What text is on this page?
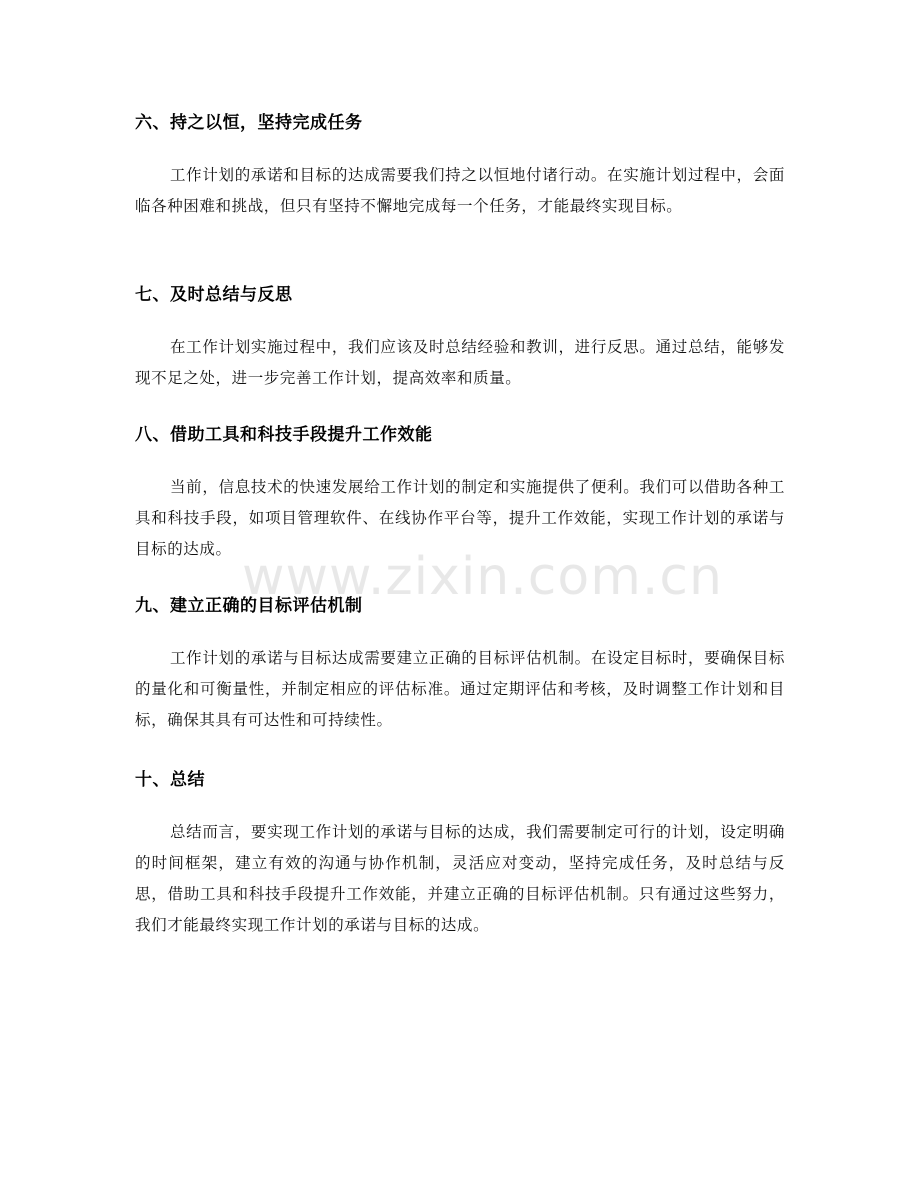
www.zixin.com.cn
六、持之以恒，坚持完成任务

工作计划的承诺和目标的达成需要我们持之以恒地付诸行动。在实施计划过程中，会面临各种困难和挑战，但只有坚持不懈地完成每一个任务，才能最终实现目标。

七、及时总结与反思

在工作计划实施过程中，我们应该及时总结经验和教训，进行反思。通过总结，能够发现不足之处，进一步完善工作计划，提高效率和质量。

八、借助工具和科技手段提升工作效能

当前，信息技术的快速发展给工作计划的制定和实施提供了便利。我们可以借助各种工具和科技手段，如项目管理软件、在线协作平台等，提升工作效能，实现工作计划的承诺与目标的达成。

九、建立正确的目标评估机制

工作计划的承诺与目标达成需要建立正确的目标评估机制。在设定目标时，要确保目标的量化和可衡量性，并制定相应的评估标准。通过定期评估和考核，及时调整工作计划和目标，确保其具有可达性和可持续性。

十、总结

总结而言，要实现工作计划的承诺与目标的达成，我们需要制定可行的计划，设定明确的时间框架，建立有效的沟通与协作机制，灵活应对变动，坚持完成任务，及时总结与反思，借助工具和科技手段提升工作效能，并建立正确的目标评估机制。只有通过这些努力，我们才能最终实现工作计划的承诺与目标的达成。
